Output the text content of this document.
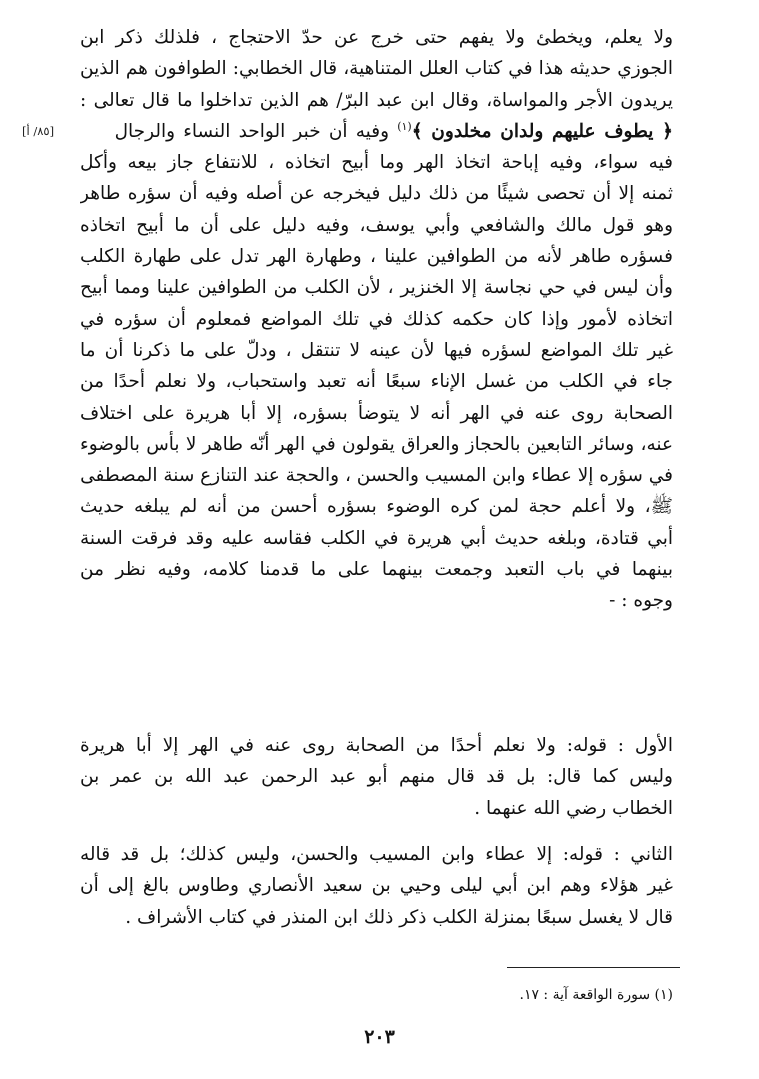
[٨٥/ أ]
ولا يعلم، ويخطئ ولا يفهم حتى خرج عن حدّ الاحتجاج ، فلذلك ذكر ابن
الجوزي حديثه هذا في كتاب العلل المتناهية، قال الخطابي: الطوافون هم الذين
يريدون الأجر والمواساة، وقال ابن عبد البرّ/ هم الذين تداخلوا ما قال تعالى :
﴿ يطوف عليهم ولدان مخلدون ﴾$^{(١)}$ وفيه أن خبر الواحد النساء والرجال
فيه سواء، وفيه إباحة اتخاذ الهر وما أبيح اتخاذه ، للانتفاع جاز بيعه وأكل
ثمنه إلا أن تحصى شيئًا من ذلك دليل فيخرجه عن أصله وفيه أن سؤره طاهر
وهو قول مالك والشافعي وأبي يوسف، وفيه دليل على أن ما أبيح اتخاذه
فسؤره طاهر لأنه من الطوافين علينا ، وطهارة الهر تدل على طهارة الكلب
وأن ليس في حي نجاسة إلا الخنزير ، لأن الكلب من الطوافين علينا ومما أبيح
اتخاذه لأمور وإذا كان حكمه كذلك في تلك المواضع فمعلوم أن سؤره في
غير تلك المواضع لسؤره فيها لأن عينه لا تنتقل ، ودلّ على ما ذكرنا أن ما
جاء في الكلب من غسل الإناء سبعًا أنه تعبد واستحباب، ولا نعلم أحدًا من
الصحابة روى عنه في الهر أنه لا يتوضأ بسؤره، إلا أبا هريرة على اختلاف
عنه، وسائر التابعين بالحجاز والعراق يقولون في الهر أنّه طاهر لا بأس بالوضوء
في سؤره إلا عطاء وابن المسيب والحسن ، والحجة عند التنازع سنة المصطفى
ﷺ، ولا أعلم حجة لمن كره الوضوء بسؤره أحسن من أنه لم يبلغه حديث
أبي قتادة، وبلغه حديث أبي هريرة في الكلب فقاسه عليه وقد فرقت السنة
بينهما في باب التعبد وجمعت بينهما على ما قدمنا كلامه، وفيه نظر من
وجوه : -
الأول : قوله: ولا نعلم أحدًا من الصحابة روى عنه في الهر إلا أبا هريرة
وليس كما قال: بل قد قال منهم أبو عبد الرحمن عبد الله بن عمر بن
الخطاب رضي الله عنهما .
الثاني : قوله: إلا عطاء وابن المسيب والحسن، وليس كذلك؛ بل قد قاله
غير هؤلاء وهم ابن أبي ليلى وحيي بن سعيد الأنصاري وطاوس بالغ إلى أن
قال لا يغسل سبعًا بمنزلة الكلب ذكر ذلك ابن المنذر في كتاب الأشراف .
(١) سورة الواقعة آية : ١٧.
٢٠٣
